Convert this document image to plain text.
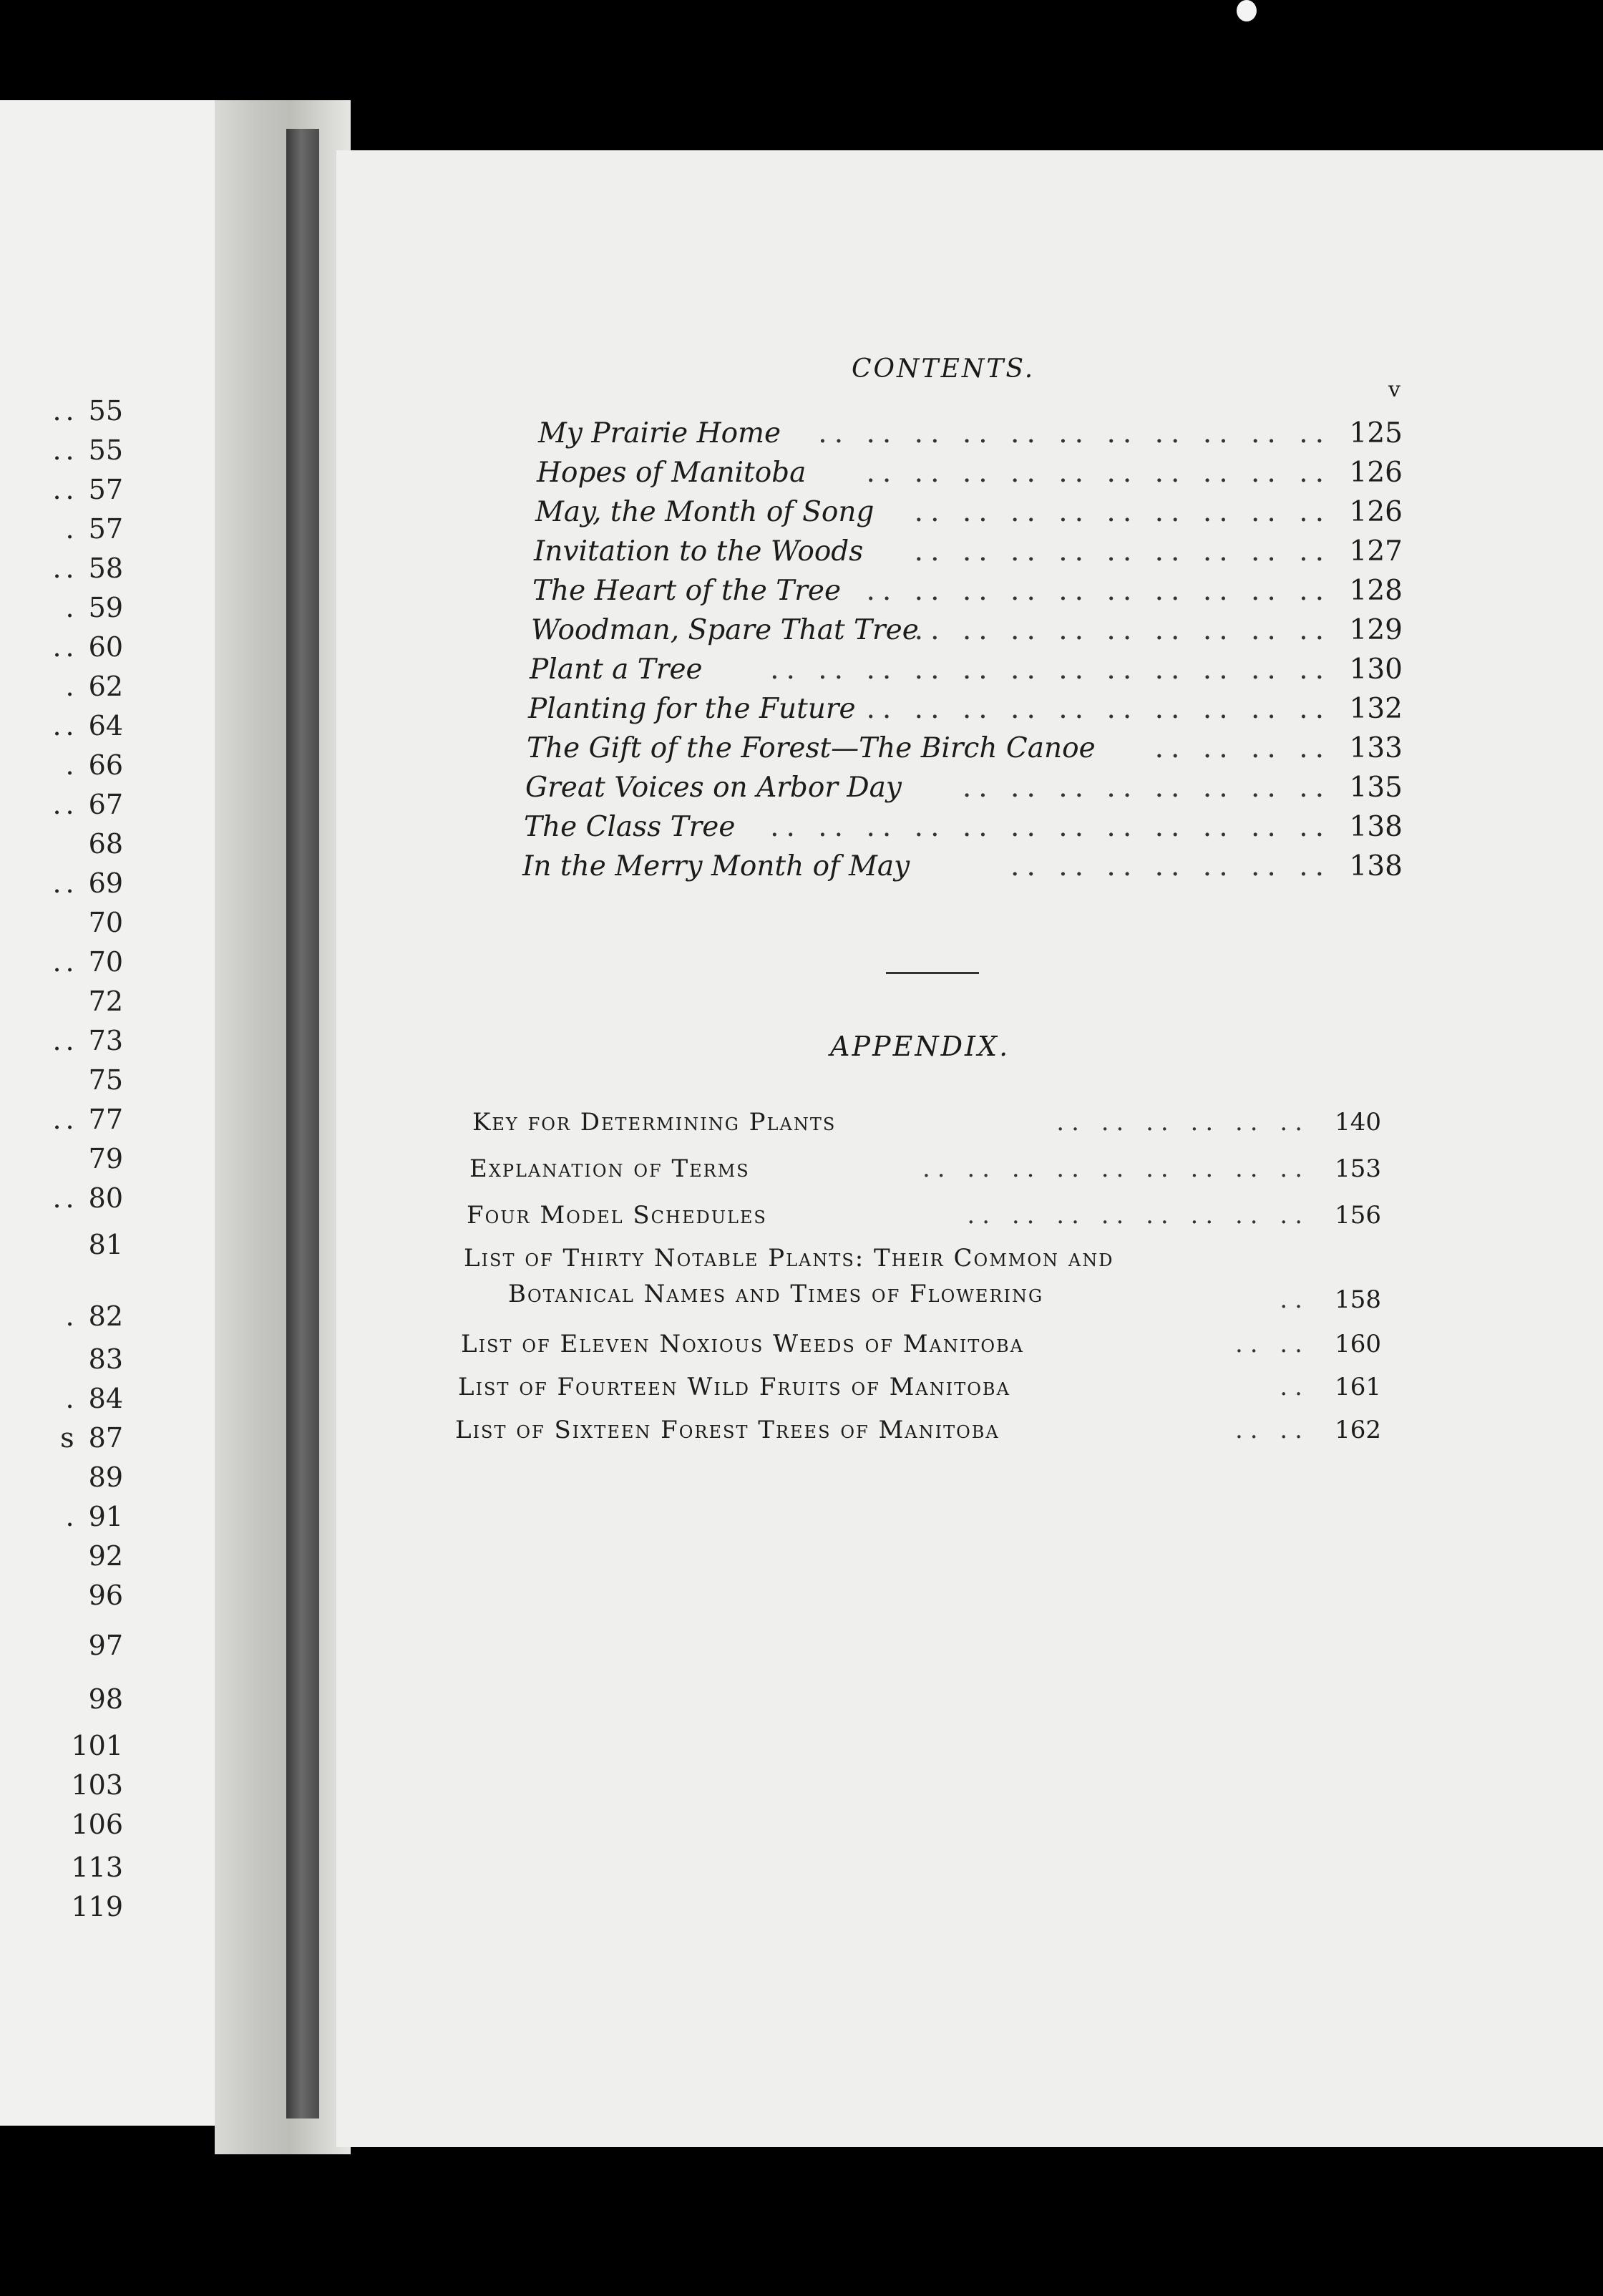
.. 55
.. 55
.. 57
. 57
.. 58
. 59
.. 60
. 62
.. 64
. 66
.. 67
68
.. 69
70
.. 70
72
.. 73
75
.. 77
79
.. 80
81
. 82
83
. 84
s 87
89
. 91
92
96
97
98
101
103
106
113
119
CONTENTS.
v
My Prairie Home	125
.. .. .. .. .. .. .. .. .. .. ..
Hopes of Manitoba	126
.. .. .. .. .. .. .. .. .. ..
May, the Month of Song	126
.. .. .. .. .. .. .. .. ..
Invitation to the Woods	127
.. .. .. .. .. .. .. .. ..
The Heart of the Tree	128
.. .. .. .. .. .. .. .. .. ..
Woodman, Spare That Tree	129
.. .. .. .. .. .. .. .. ..
Plant a Tree	130
.. .. .. .. .. .. .. .. .. .. .. ..
Planting for the Future	132
.. .. .. .. .. .. .. .. .. ..
The Gift of the Forest—The Birch Canoe	133
.. .. .. ..
Great Voices on Arbor Day	135
.. .. .. .. .. .. .. ..
The Class Tree	138
.. .. .. .. .. .. .. .. .. .. .. ..
In the Merry Month of May	138
.. .. .. .. .. .. ..
APPENDIX.
Key for Determining Plants	140
.. .. .. .. .. ..
Explanation of Terms	153
.. .. .. .. .. .. .. .. ..
Four Model Schedules	156
.. .. .. .. .. .. .. ..
List of Thirty Notable Plants: Their Common and
Botanical Names and Times of Flowering	158
..
List of Eleven Noxious Weeds of Manitoba	160
.. ..
List of Fourteen Wild Fruits of Manitoba	161
..
List of Sixteen Forest Trees of Manitoba	162
.. ..
